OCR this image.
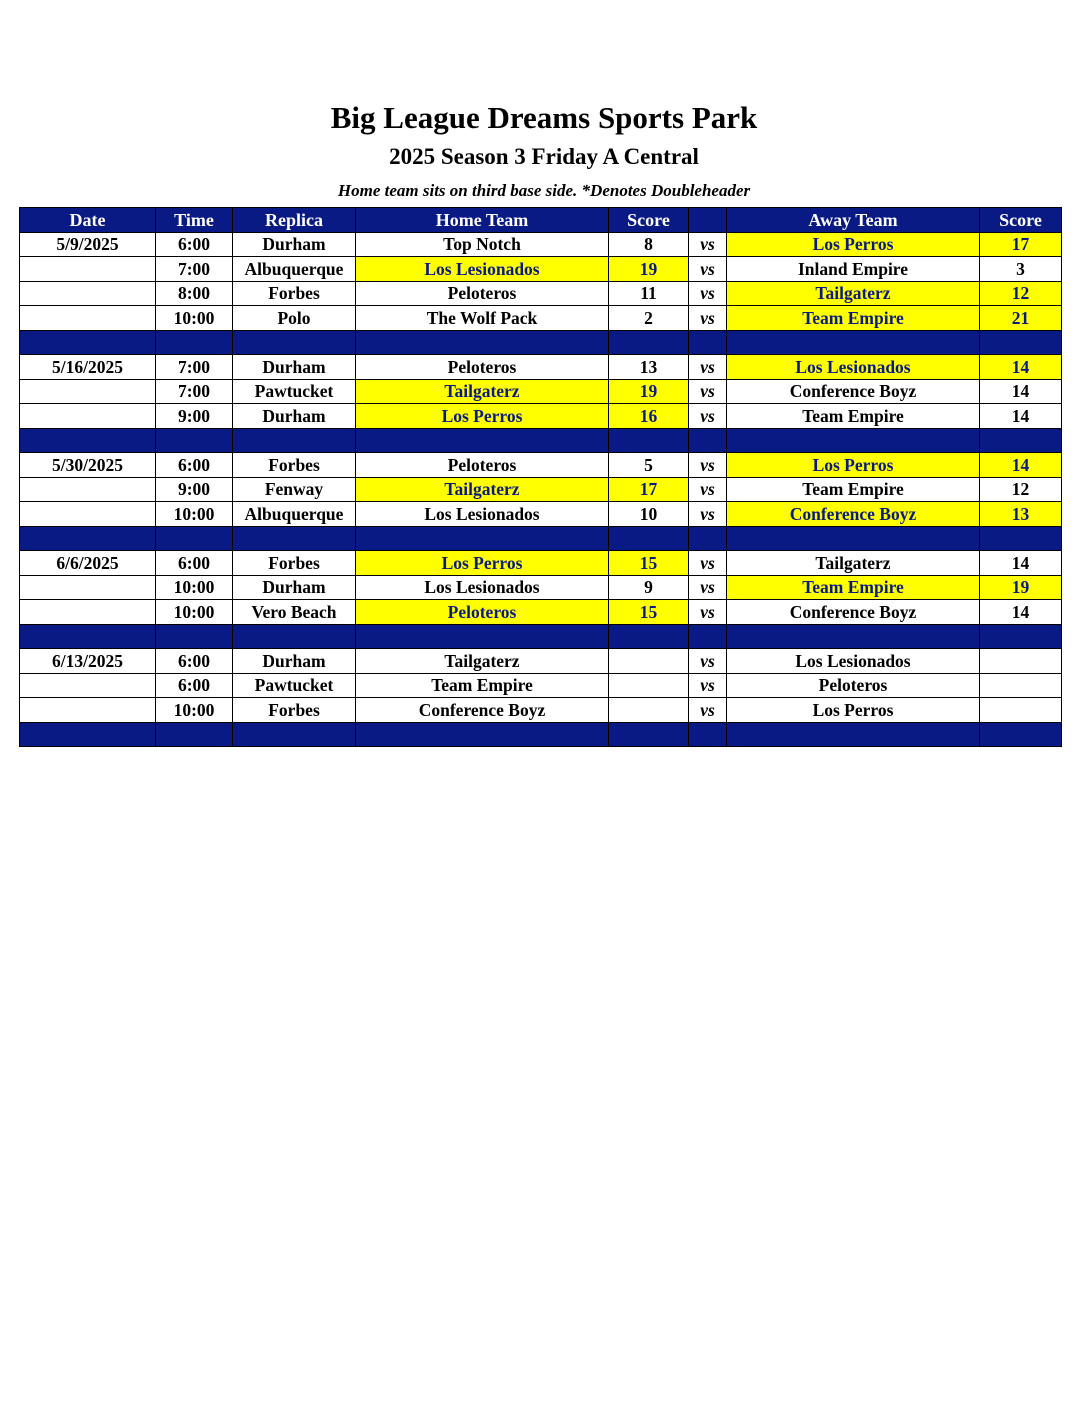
Big League Dreams Sports Park
2025 Season 3 Friday A Central
Home team sits on third base side. *Denotes Doubleheader
Date	Time	Replica	Home Team	Score		Away Team	Score
5/9/2025	6:00	Durham	Top Notch	8	vs	Los Perros	17
	7:00	Albuquerque	Los Lesionados	19	vs	Inland Empire	3
	8:00	Forbes	Peloteros	11	vs	Tailgaterz	12
	10:00	Polo	The Wolf Pack	2	vs	Team Empire	21

5/16/2025	7:00	Durham	Peloteros	13	vs	Los Lesionados	14
	7:00	Pawtucket	Tailgaterz	19	vs	Conference Boyz	14
	9:00	Durham	Los Perros	16	vs	Team Empire	14

5/30/2025	6:00	Forbes	Peloteros	5	vs	Los Perros	14
	9:00	Fenway	Tailgaterz	17	vs	Team Empire	12
	10:00	Albuquerque	Los Lesionados	10	vs	Conference Boyz	13

6/6/2025	6:00	Forbes	Los Perros	15	vs	Tailgaterz	14
	10:00	Durham	Los Lesionados	9	vs	Team Empire	19
	10:00	Vero Beach	Peloteros	15	vs	Conference Boyz	14

6/13/2025	6:00	Durham	Tailgaterz		vs	Los Lesionados	
	6:00	Pawtucket	Team Empire		vs	Peloteros	
	10:00	Forbes	Conference Boyz		vs	Los Perros	
